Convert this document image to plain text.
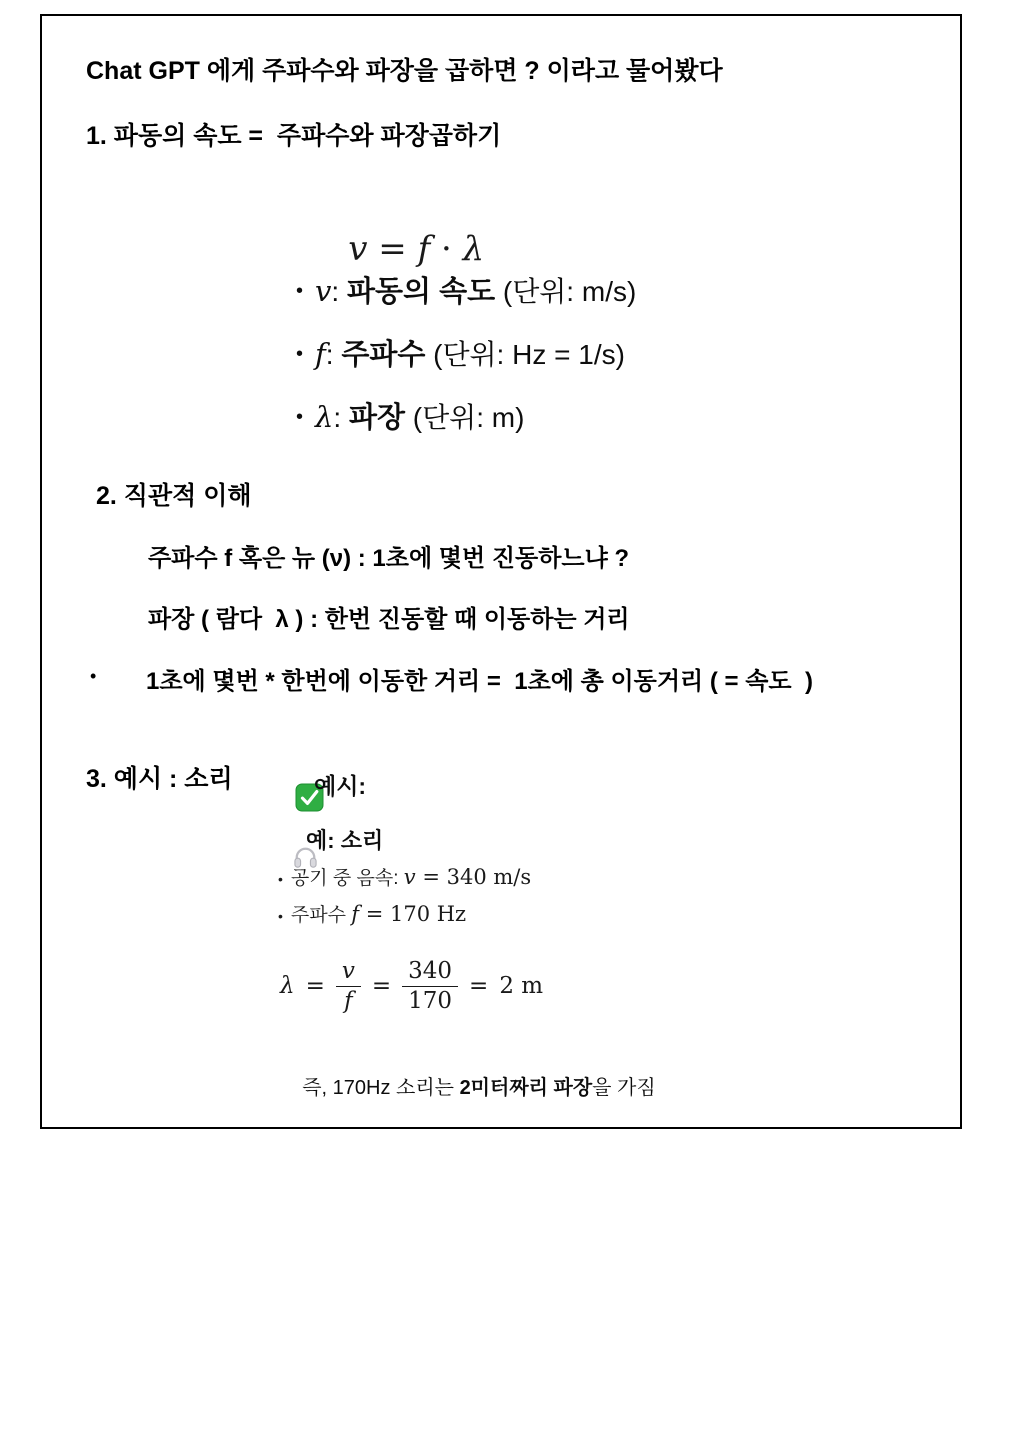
Chat GPT 에게 주파수와 파장을 곱하면 ? 이라고 물어봤다
1. 파동의 속도 =  주파수와 파장곱하기

v = f · λ

• v : 파동의 속도 (단위: m/s)
• f : 주파수 (단위: Hz = 1/s)
• λ : 파장 (단위: m)
2. 직관적 이해
주파수 f 혹은 뉴 (ν) : 1초에 몇번 진동하느냐 ?
파장 ( 람다  λ ) : 한번 진동할 때 이동하는 거리
• 1초에 몇번 * 한번에 이동한 거리 =  1초에 총 이동거리 ( = 속도  )
3. 예시 : 소리

	예시:

예: 소리
• 공기 중 음속: v = 340 m/s
• 주파수 f = 170 Hz
$\lambda = \frac{v}{f} = \frac{340}{170} = 2$ m

즉, 170Hz 소리는 2미터짜리 파장을 가짐
